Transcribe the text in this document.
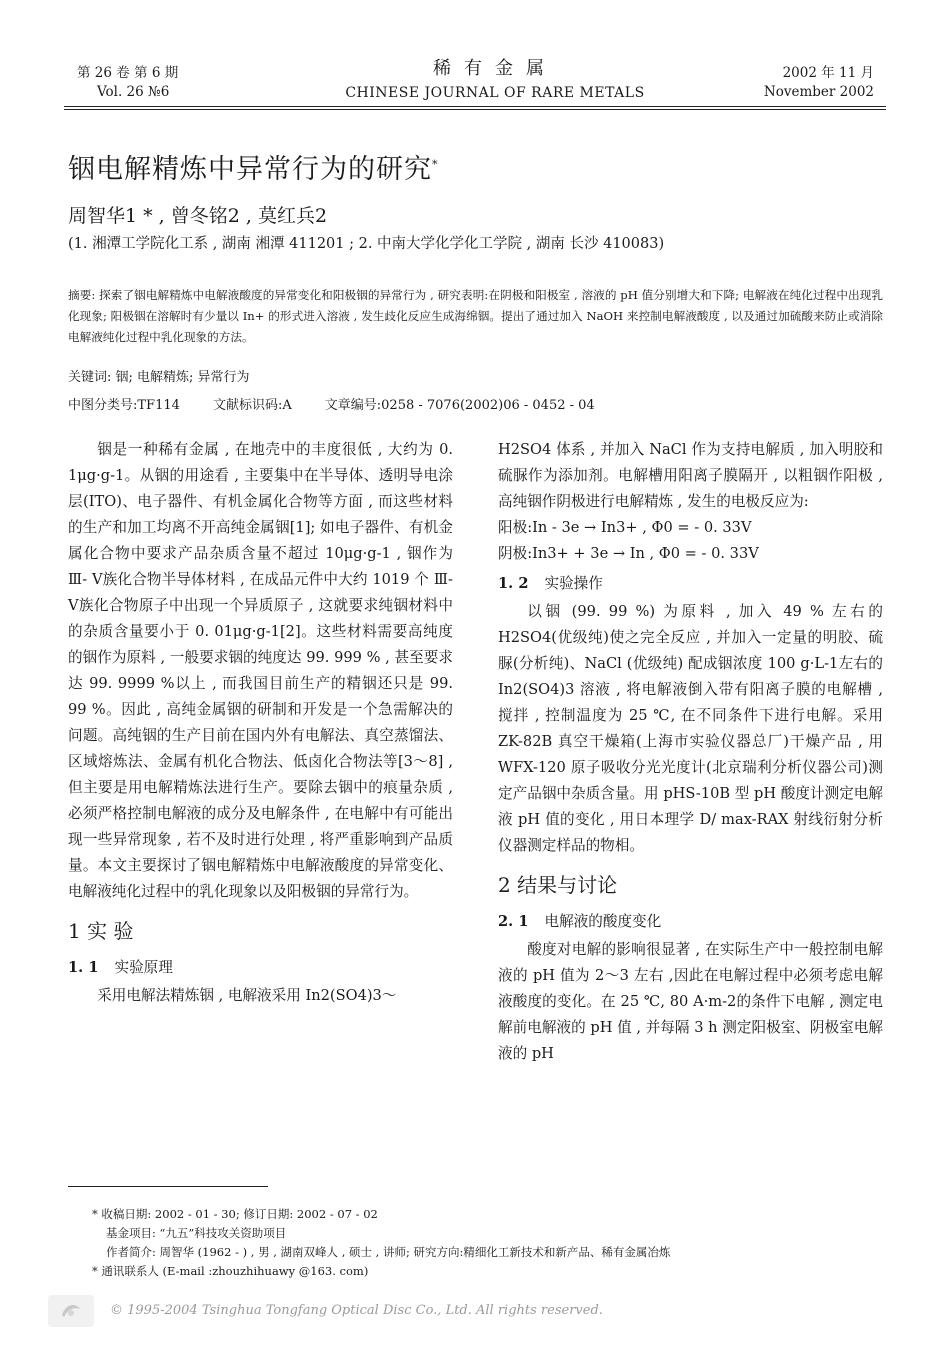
第 26 卷 第 6 期
Vol. 26 №6
稀有金属
CHINESE JOURNAL OF RARE METALS
2002 年 11 月
November 2002
铟电解精炼中异常行为的研究*
周智华1 * , 曾冬铭2 , 莫红兵2
(1. 湘潭工学院化工系 , 湖南 湘潭 411201 ; 2. 中南大学化学化工学院 , 湖南 长沙 410083)
摘要: 探索了铟电解精炼中电解液酸度的异常变化和阳极铟的异常行为 , 研究表明:在阴极和阳极室 , 溶液的 pH 值分别增大和下降; 电解液在纯化过程中出现乳化现象; 阳极铟在溶解时有少量以 In+ 的形式进入溶液 , 发生歧化反应生成海绵铟。提出了通过加入 NaOH 来控制电解液酸度 , 以及通过加硫酸来防止或消除电解液纯化过程中乳化现象的方法。
关键词: 铟; 电解精炼; 异常行为
中图分类号:TF114        文献标识码:A        文章编号:0258 - 7076(2002)06 - 0452 - 04

铟是一种稀有金属 , 在地壳中的丰度很低 , 大约为 0. 1μg·g-1。从铟的用途看 , 主要集中在半导体、透明导电涂层(ITO)、电子器件、有机金属化合物等方面 , 而这些材料的生产和加工均离不开高纯金属铟[1]; 如电子器件、有机金属化合物中要求产品杂质含量不超过 10μg·g-1 , 铟作为 Ⅲ- Ⅴ族化合物半导体材料 , 在成品元件中大约 1019 个 Ⅲ- Ⅴ族化合物原子中出现一个异质原子 , 这就要求纯铟材料中的杂质含量要小于 0. 01μg·g-1[2]。这些材料需要高纯度的铟作为原料 , 一般要求铟的纯度达 99. 999 % , 甚至要求达 99. 9999 %以上 , 而我国目前生产的精铟还只是 99. 99 %。因此 , 高纯金属铟的研制和开发是一个急需解决的问题。高纯铟的生产目前在国内外有电解法、真空蒸馏法、区域熔炼法、金属有机化合物法、低卤化合物法等[3～8] , 但主要是用电解精炼法进行生产。要除去铟中的痕量杂质 , 必须严格控制电解液的成分及电解条件 , 在电解中有可能出现一些异常现象 , 若不及时进行处理 , 将严重影响到产品质量。本文主要探讨了铟电解精炼中电解液酸度的异常变化、电解液纯化过程中的乳化现象以及阳极铟的异常行为。

1 实 验
1. 1 实验原理

采用电解法精炼铟 , 电解液采用 In2(SO4)3～

H2SO4 体系 , 并加入 NaCl 作为支持电解质 , 加入明胶和硫脲作为添加剂。电解槽用阳离子膜隔开 , 以粗铟作阳极 , 高纯铟作阴极进行电解精炼 , 发生的电极反应为:

阳极:In - 3e → In3+ , Φ0 = - 0. 33V

阴极:In3+ + 3e → In , Φ0 = - 0. 33V

1. 2 实验操作

以铟 (99. 99 %) 为原料 , 加入 49 % 左右的 H2SO4(优级纯)使之完全反应 , 并加入一定量的明胶、硫脲(分析纯)、NaCl (优级纯) 配成铟浓度 100 g·L-1左右的 In2(SO4)3 溶液 , 将电解液倒入带有阳离子膜的电解槽 , 搅拌 , 控制温度为 25 ℃, 在不同条件下进行电解。采用 ZK-82B 真空干燥箱(上海市实验仪器总厂)干燥产品 , 用 WFX-120 原子吸收分光光度计(北京瑞利分析仪器公司)测定产品铟中杂质含量。用 pHS-10B 型 pH 酸度计测定电解液 pH 值的变化 , 用日本理学 D/ max-RAX 射线衍射分析仪器测定样品的物相。

2 结果与讨论
2. 1 电解液的酸度变化

酸度对电解的影响很显著 , 在实际生产中一般控制电解液的 pH 值为 2～3 左右 ,因此在电解过程中必须考虑电解液酸度的变化。在 25 ℃, 80 A·m-2的条件下电解 , 测定电解前电解液的 pH 值 , 并每隔 3 h 测定阳极室、阴极室电解液的 pH

* 收稿日期: 2002 - 01 - 30; 修订日期: 2002 - 07 - 02
基金项目: “九五”科技攻关资助项目
作者简介: 周智华 (1962 - ) , 男 , 湖南双峰人 , 硕士 , 讲师; 研究方向:精细化工新技术和新产品、稀有金属冶炼
* 通讯联系人 (E-mail :zhouzhihuawy @163. com)
© 1995-2004 Tsinghua Tongfang Optical Disc Co., Ltd. All rights reserved.
